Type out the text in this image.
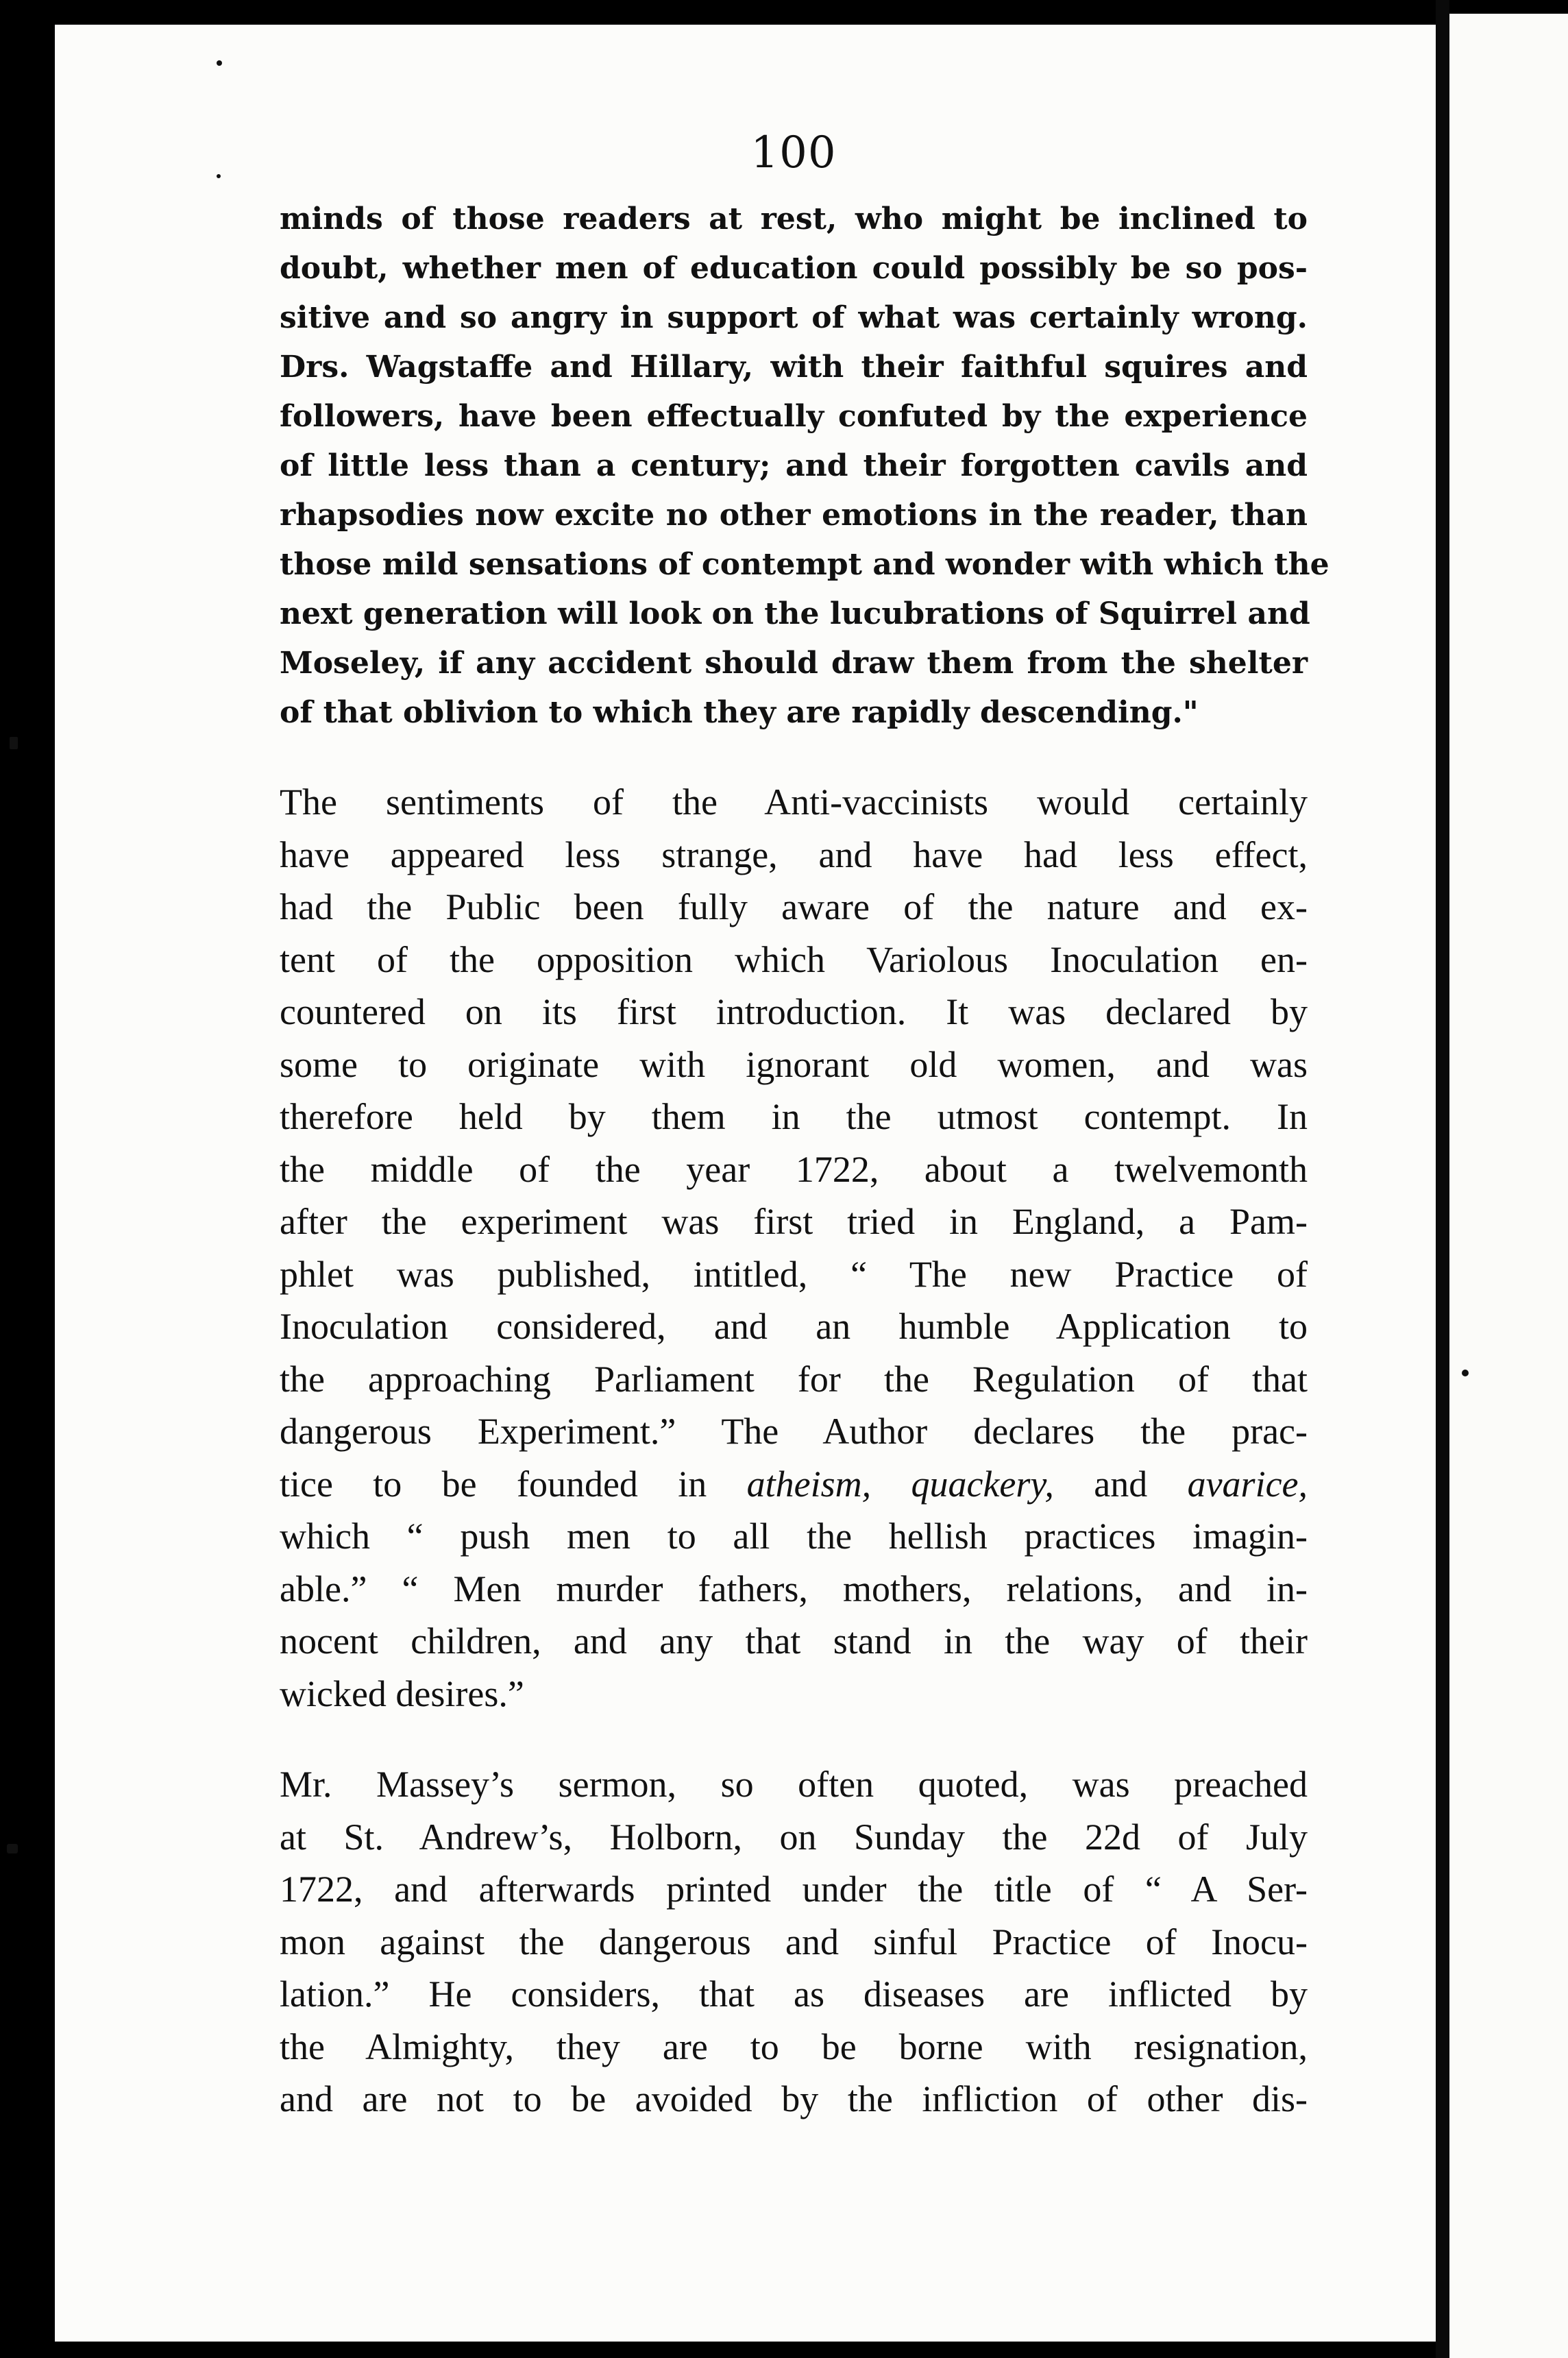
100

minds of those readers at rest, who might be inclined to

doubt, whether men of education could possibly be so pos-

sitive and so angry in support of what was certainly wrong.

Drs. Wagstaffe and Hillary, with their faithful squires and

followers, have been effectually confuted by the experience

of little less than a century; and their forgotten cavils and

rhapsodies now excite no other emotions in the reader, than

those mild sensations of contempt and wonder with which the

next generation will look on the lucubrations of Squirrel and

Moseley, if any accident should draw them from the shelter

of that oblivion to which they are rapidly descending."

The sentiments of the Anti-vaccinists would certainly

have appeared less strange, and have had less effect,

had the Public been fully aware of the nature and ex-

tent of the opposition which Variolous Inoculation en-

countered on its first introduction. It was declared by

some to originate with ignorant old women, and was

therefore held by them in the utmost contempt. In

the middle of the year 1722, about a twelvemonth

after the experiment was first tried in England, a Pam-

phlet was published, intitled, “ The new Practice of

Inoculation considered, and an humble Application to

the approaching Parliament for the Regulation of that

dangerous Experiment.” The Author declares the prac-

tice to be founded in atheism, quackery, and avarice,

which “ push men to all the hellish practices imagin-

able.” “ Men murder fathers, mothers, relations, and in-

nocent children, and any that stand in the way of their

wicked desires.”

Mr. Massey’s sermon, so often quoted, was preached

at St. Andrew’s, Holborn, on Sunday the 22d of July

1722, and afterwards printed under the title of “ A Ser-

mon against the dangerous and sinful Practice of Inocu-

lation.” He considers, that as diseases are inflicted by

the Almighty, they are to be borne with resignation,

and are not to be avoided by the infliction of other dis-
